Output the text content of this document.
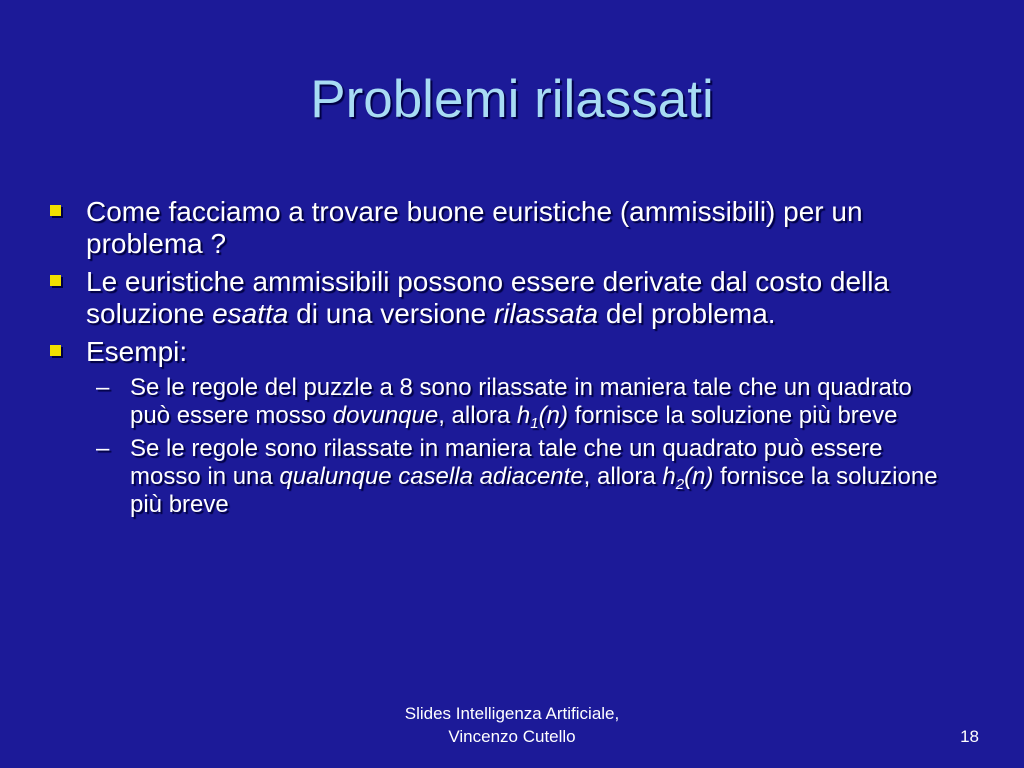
Problemi rilassati
Come facciamo a trovare buone euristiche (ammissibili) per un problema ?
Le euristiche ammissibili possono essere derivate dal costo della soluzione esatta di una versione rilassata del problema.
Esempi:
– Se le regole del puzzle a 8 sono rilassate in maniera tale che un quadrato può essere mosso dovunque, allora $h_1(n)$ fornisce la soluzione più breve
– Se le regole sono rilassate in maniera tale che un quadrato può essere mosso in una qualunque casella adiacente, allora $h_2(n)$ fornisce la soluzione più breve
Slides Intelligenza Artificiale,
Vincenzo Cutello	18
